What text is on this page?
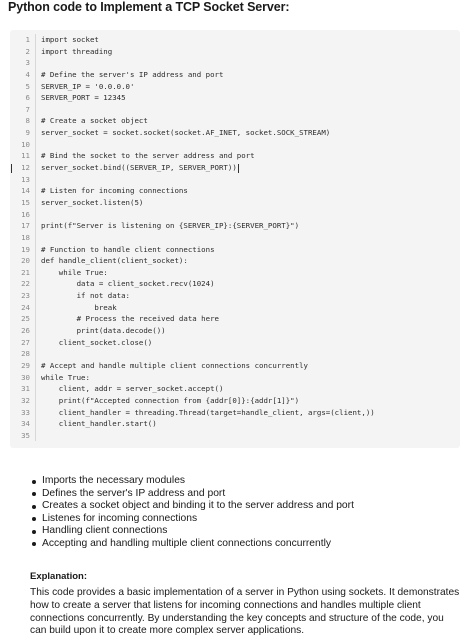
Python code to Implement a TCP Socket Server:
1 import socket
2 import threading
3
4 # Define the server's IP address and port
5 SERVER_IP = '0.0.0.0'
6 SERVER_PORT = 12345
7
8 # Create a socket object
9 server_socket = socket.socket(socket.AF_INET, socket.SOCK_STREAM)
10
11 # Bind the socket to the server address and port
12 server_socket.bind((SERVER_IP, SERVER_PORT))
13
14 # Listen for incoming connections
15 server_socket.listen(5)
16
17 print(f"Server is listening on {SERVER_IP}:{SERVER_PORT}")
18
19 # Function to handle client connections
20 def handle_client(client_socket):
21 while True:
22 data = client_socket.recv(1024)
23 if not data:
24 break
25 # Process the received data here
26 print(data.decode())
27 client_socket.close()
28
29 # Accept and handle multiple client connections concurrently
30 while True:
31 client, addr = server_socket.accept()
32 print(f"Accepted connection from {addr[0]}:{addr[1]}")
33 client_handler = threading.Thread(target=handle_client, args=(client,))
34 client_handler.start()
35
Imports the necessary modules
Defines the server's IP address and port
Creates a socket object and binding it to the server address and port
Listenes for incoming connections
Handling client connections
Accepting and handling multiple client connections concurrently
Explanation:
This code provides a basic implementation of a server in Python using sockets. It demonstrates how to create a server that listens for incoming connections and handles multiple client connections concurrently. By understanding the key concepts and structure of the code, you can build upon it to create more complex server applications.
